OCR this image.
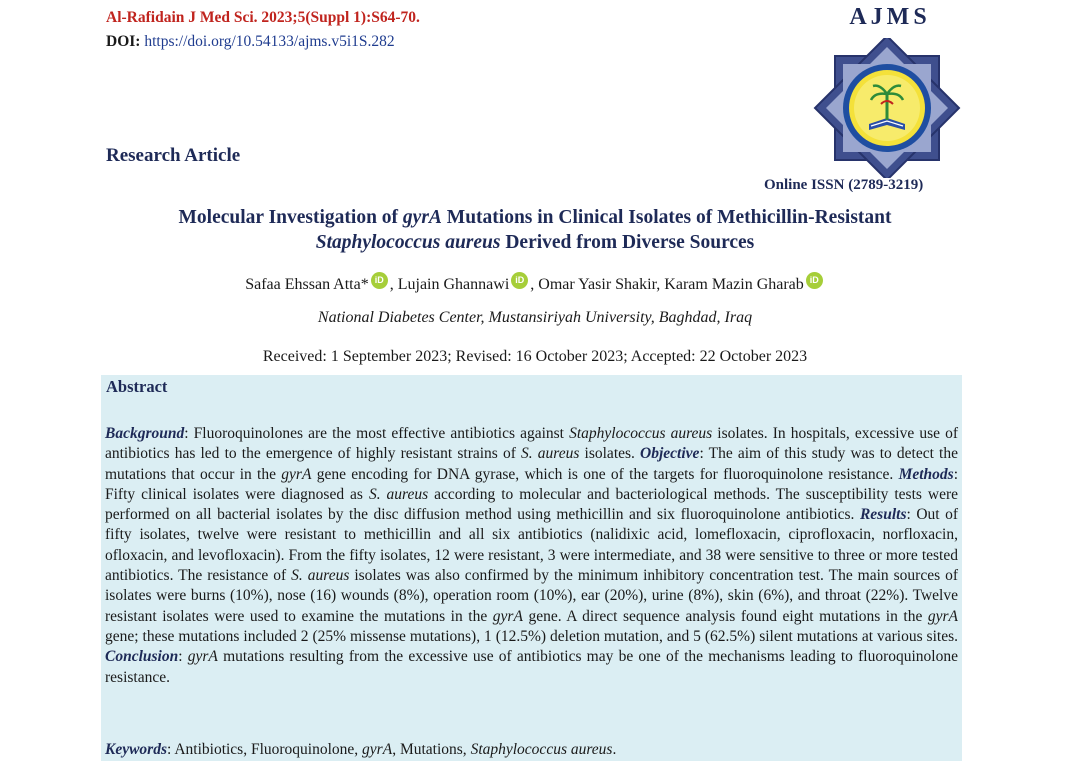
Al-Rafidain J Med Sci. 2023;5(Suppl 1):S64-70.
DOI: https://doi.org/10.54133/ajms.v5i1S.282
AJMS
Online ISSN (2789-3219)
Research Article
Molecular Investigation of gyrA Mutations in Clinical Isolates of Methicillin-Resistant
Staphylococcus aureus Derived from Diverse Sources
Safaa Ehssan Atta* iD , Lujain Ghannawi iD , Omar Yasir Shakir, Karam Mazin Gharab iD
National Diabetes Center, Mustansiriyah University, Baghdad, Iraq
Received: 1 September 2023; Revised: 16 October 2023; Accepted: 22 October 2023
Abstract
Background: Fluoroquinolones are the most effective antibiotics against Staphylococcus aureus isolates. In hospitals, excessive use of antibiotics has led to the emergence of highly resistant strains of S. aureus isolates. Objective: The aim of this study was to detect the mutations that occur in the gyrA gene encoding for DNA gyrase, which is one of the targets for fluoroquinolone resistance. Methods: Fifty clinical isolates were diagnosed as S. aureus according to molecular and bacteriological methods. The susceptibility tests were performed on all bacterial isolates by the disc diffusion method using methicillin and six fluoroquinolone antibiotics. Results: Out of fifty isolates, twelve were resistant to methicillin and all six antibiotics (nalidixic acid, lomefloxacin, ciprofloxacin, norfloxacin, ofloxacin, and levofloxacin). From the fifty isolates, 12 were resistant, 3 were intermediate, and 38 were sensitive to three or more tested antibiotics. The resistance of S. aureus isolates was also confirmed by the minimum inhibitory concentration test. The main sources of isolates were burns (10%), nose (16) wounds (8%), operation room (10%), ear (20%), urine (8%), skin (6%), and throat (22%). Twelve resistant isolates were used to examine the mutations in the gyrA gene. A direct sequence analysis found eight mutations in the gyrA gene; these mutations included 2 (25% missense mutations), 1 (12.5%) deletion mutation, and 5 (62.5%) silent mutations at various sites. Conclusion: gyrA mutations resulting from the excessive use of antibiotics may be one of the mechanisms leading to fluoroquinolone resistance.
Keywords: Antibiotics, Fluoroquinolone, gyrA, Mutations, Staphylococcus aureus.
